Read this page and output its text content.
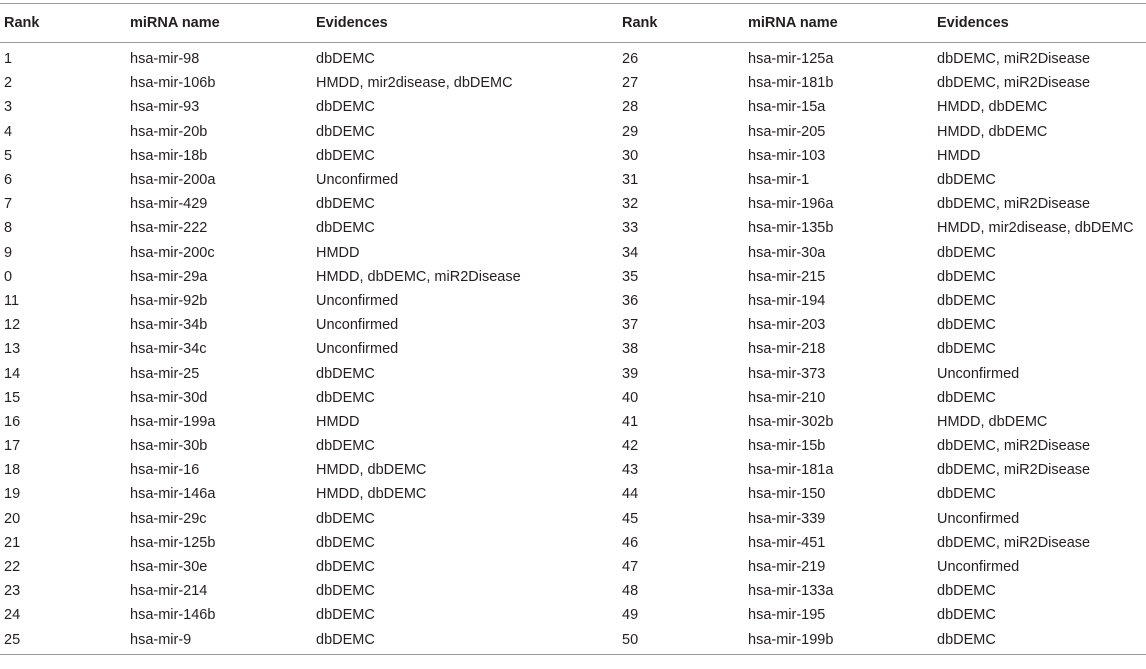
Rank	miRNA name	Evidences	Rank	miRNA name	Evidences
1	hsa-mir-98	dbDEMC	26	hsa-mir-125a	dbDEMC, miR2Disease
2	hsa-mir-106b	HMDD, mir2disease, dbDEMC	27	hsa-mir-181b	dbDEMC, miR2Disease
3	hsa-mir-93	dbDEMC	28	hsa-mir-15a	HMDD, dbDEMC
4	hsa-mir-20b	dbDEMC	29	hsa-mir-205	HMDD, dbDEMC
5	hsa-mir-18b	dbDEMC	30	hsa-mir-103	HMDD
6	hsa-mir-200a	Unconfirmed	31	hsa-mir-1	dbDEMC
7	hsa-mir-429	dbDEMC	32	hsa-mir-196a	dbDEMC, miR2Disease
8	hsa-mir-222	dbDEMC	33	hsa-mir-135b	HMDD, mir2disease, dbDEMC
9	hsa-mir-200c	HMDD	34	hsa-mir-30a	dbDEMC
0	hsa-mir-29a	HMDD, dbDEMC, miR2Disease	35	hsa-mir-215	dbDEMC
11	hsa-mir-92b	Unconfirmed	36	hsa-mir-194	dbDEMC
12	hsa-mir-34b	Unconfirmed	37	hsa-mir-203	dbDEMC
13	hsa-mir-34c	Unconfirmed	38	hsa-mir-218	dbDEMC
14	hsa-mir-25	dbDEMC	39	hsa-mir-373	Unconfirmed
15	hsa-mir-30d	dbDEMC	40	hsa-mir-210	dbDEMC
16	hsa-mir-199a	HMDD	41	hsa-mir-302b	HMDD, dbDEMC
17	hsa-mir-30b	dbDEMC	42	hsa-mir-15b	dbDEMC, miR2Disease
18	hsa-mir-16	HMDD, dbDEMC	43	hsa-mir-181a	dbDEMC, miR2Disease
19	hsa-mir-146a	HMDD, dbDEMC	44	hsa-mir-150	dbDEMC
20	hsa-mir-29c	dbDEMC	45	hsa-mir-339	Unconfirmed
21	hsa-mir-125b	dbDEMC	46	hsa-mir-451	dbDEMC, miR2Disease
22	hsa-mir-30e	dbDEMC	47	hsa-mir-219	Unconfirmed
23	hsa-mir-214	dbDEMC	48	hsa-mir-133a	dbDEMC
24	hsa-mir-146b	dbDEMC	49	hsa-mir-195	dbDEMC
25	hsa-mir-9	dbDEMC	50	hsa-mir-199b	dbDEMC
